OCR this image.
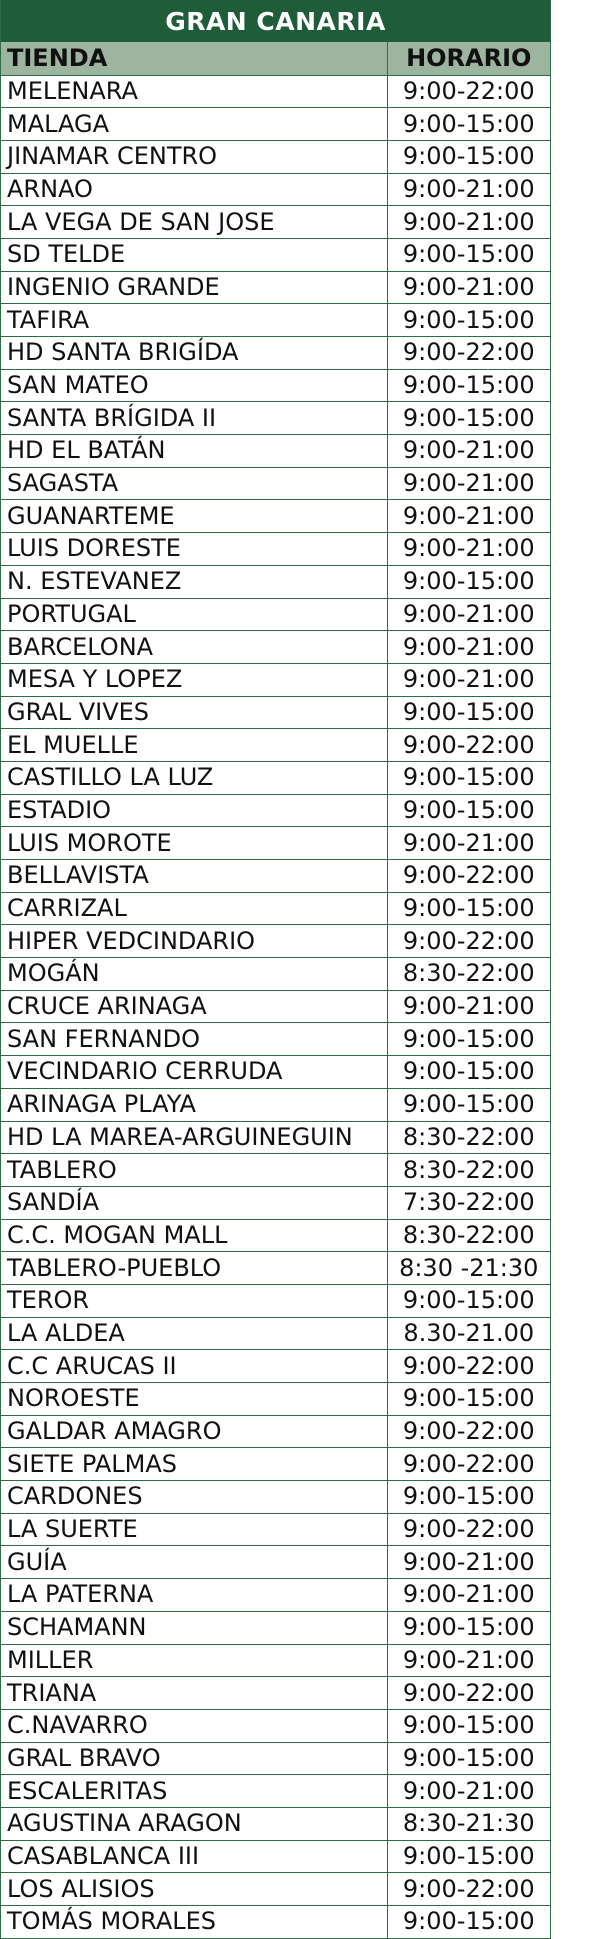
GRAN CANARIA
TIENDA	HORARIO
MELENARA	9:00-22:00
MALAGA	9:00-15:00
JINAMAR CENTRO	9:00-15:00
ARNAO	9:00-21:00
LA VEGA DE SAN JOSE	9:00-21:00
SD TELDE	9:00-15:00
INGENIO GRANDE	9:00-21:00
TAFIRA	9:00-15:00
HD SANTA BRIGÍDA	9:00-22:00
SAN MATEO	9:00-15:00
SANTA BRÍGIDA II	9:00-15:00
HD EL BATÁN	9:00-21:00
SAGASTA	9:00-21:00
GUANARTEME	9:00-21:00
LUIS DORESTE	9:00-21:00
N. ESTEVANEZ	9:00-15:00
PORTUGAL	9:00-21:00
BARCELONA	9:00-21:00
MESA Y LOPEZ	9:00-21:00
GRAL VIVES	9:00-15:00
EL MUELLE	9:00-22:00
CASTILLO LA LUZ	9:00-15:00
ESTADIO	9:00-15:00
LUIS MOROTE	9:00-21:00
BELLAVISTA	9:00-22:00
CARRIZAL	9:00-15:00
HIPER VEDCINDARIO	9:00-22:00
MOGÁN	8:30-22:00
CRUCE ARINAGA	9:00-21:00
SAN FERNANDO	9:00-15:00
VECINDARIO CERRUDA	9:00-15:00
ARINAGA PLAYA	9:00-15:00
HD LA MAREA-ARGUINEGUIN	8:30-22:00
TABLERO	8:30-22:00
SANDÍA	7:30-22:00
C.C. MOGAN MALL	8:30-22:00
TABLERO-PUEBLO	8:30 -21:30
TEROR	9:00-15:00
LA ALDEA	8.30-21.00
C.C ARUCAS II	9:00-22:00
NOROESTE	9:00-15:00
GALDAR AMAGRO	9:00-22:00
SIETE PALMAS	9:00-22:00
CARDONES	9:00-15:00
LA SUERTE	9:00-22:00
GUÍA	9:00-21:00
LA PATERNA	9:00-21:00
SCHAMANN	9:00-15:00
MILLER	9:00-21:00
TRIANA	9:00-22:00
C.NAVARRO	9:00-15:00
GRAL BRAVO	9:00-15:00
ESCALERITAS	9:00-21:00
AGUSTINA ARAGON	8:30-21:30
CASABLANCA III	9:00-15:00
LOS ALISIOS	9:00-22:00
TOMÁS MORALES	9:00-15:00
